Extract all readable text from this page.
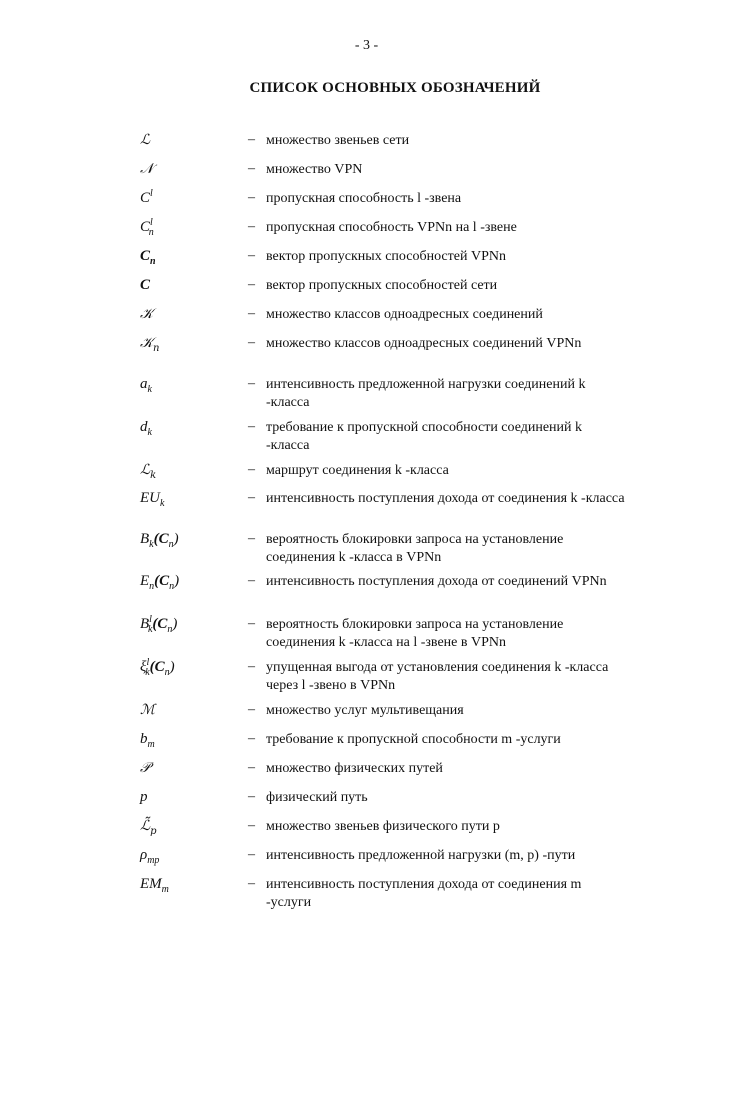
- 3 -
СПИСОК ОСНОВНЫХ ОБОЗНАЧЕНИЙ
ℒ	– множество звеньев сети
𝒩	– множество VPN
$C^l$	– пропускная способность l -звена
$C^l_n$	– пропускная способность VPNn на l -звене
$C_n$	– вектор пропускных способностей VPNn
C	– вектор пропускных способностей сети
𝒦	– множество классов одноадресных соединений
𝒦$_n$	– множество классов одноадресных соединений VPNn
$a_k$	– интенсивность предложенной нагрузки соединений k -класса
$d_k$	– требование к пропускной способности соединений k -класса
ℒ$_k$	– маршрут соединения k -класса
$EU_k$	– интенсивность поступления дохода от соединения k -класса
$B_k(C_n)$	– вероятность блокировки запроса на установление соединения k -класса в VPNn
$E_n(C_n)$	– интенсивность поступления дохода от соединений VPNn
$B^l_k(C_n)$	– вероятность блокировки запроса на установление соединения k -класса на l -звене в VPNn
$\xi^l_k(C_n)$	– упущенная выгода от установления соединения k -класса через l -звено в VPNn
ℳ	– множество услуг мультивещания
$b_m$	– требование к пропускной способности m -услуги
𝒫	– множество физических путей
p	– физический путь
$ℒ̃_p$	– множество звеньев физического пути p
$\rho_{mp}$	– интенсивность предложенной нагрузки (m, p) -пути
$EM_m$	– интенсивность поступления дохода от соединения m -услуги
